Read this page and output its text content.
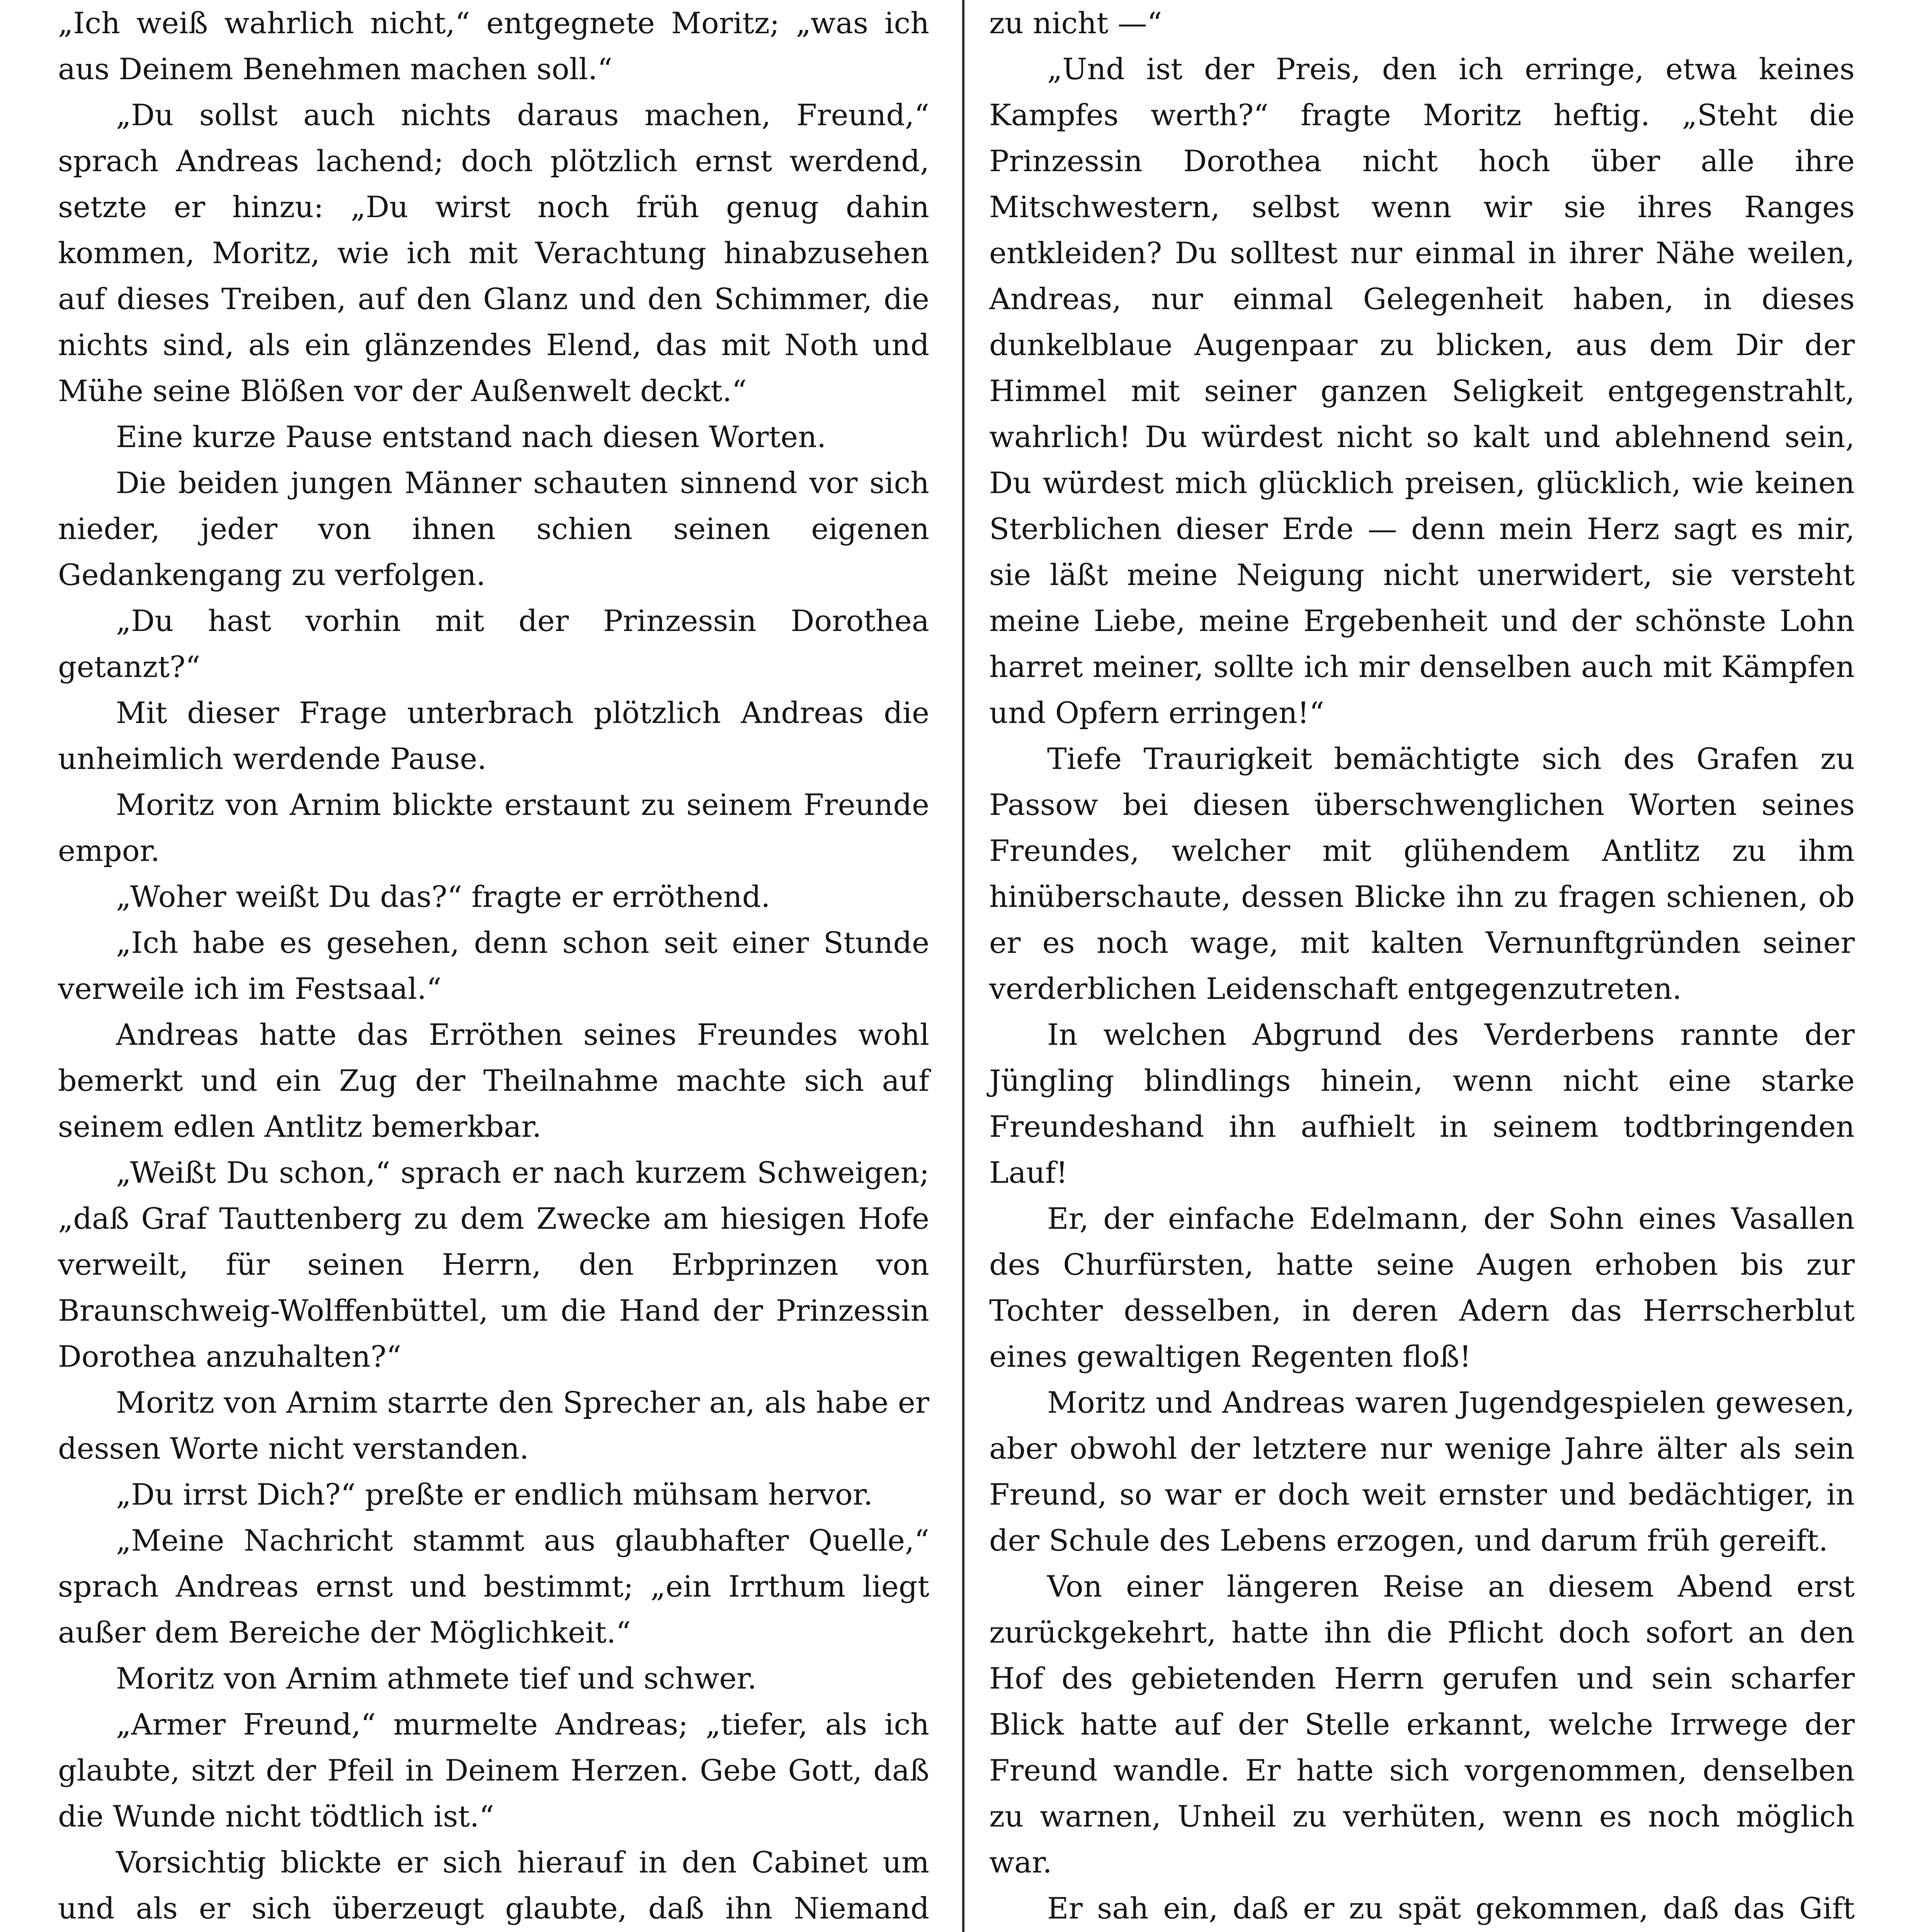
„Ich weiß wahrlich nicht,“ entgegnete Moritz; „was ich aus Deinem Benehmen machen soll.“

„Du sollst auch nichts daraus machen, Freund,“ sprach Andreas lachend; doch plötzlich ernst werdend, setzte er hinzu: „Du wirst noch früh genug dahin kommen, Moritz, wie ich mit Verachtung hinabzusehen auf dieses Treiben, auf den Glanz und den Schimmer, die nichts sind, als ein glänzendes Elend, das mit Noth und Mühe seine Blößen vor der Außenwelt deckt.“

Eine kurze Pause entstand nach diesen Worten.

Die beiden jungen Männer schauten sinnend vor sich nieder, jeder von ihnen schien seinen eigenen Gedankengang zu verfolgen.

„Du hast vorhin mit der Prinzessin Dorothea getanzt?“

Mit dieser Frage unterbrach plötzlich Andreas die unheimlich werdende Pause.

Moritz von Arnim blickte erstaunt zu seinem Freunde empor.

„Woher weißt Du das?“ fragte er erröthend.

„Ich habe es gesehen, denn schon seit einer Stunde verweile ich im Festsaal.“

Andreas hatte das Erröthen seines Freundes wohl bemerkt und ein Zug der Theilnahme machte sich auf seinem edlen Antlitz bemerkbar.

„Weißt Du schon,“ sprach er nach kurzem Schweigen; „daß Graf Tauttenberg zu dem Zwecke am hiesigen Hofe verweilt, für seinen Herrn, den Erbprinzen von Braunschweig-Wolffenbüttel, um die Hand der Prinzessin Dorothea anzuhalten?“

Moritz von Arnim starrte den Sprecher an, als habe er dessen Worte nicht verstanden.

„Du irrst Dich?“ preßte er endlich mühsam hervor.

„Meine Nachricht stammt aus glaubhafter Quelle,“ sprach Andreas ernst und bestimmt; „ein Irrthum liegt außer dem Bereiche der Möglichkeit.“

Moritz von Arnim athmete tief und schwer.

„Armer Freund,“ murmelte Andreas; „tiefer, als ich glaubte, sitzt der Pfeil in Deinem Herzen. Gebe Gott, daß die Wunde nicht tödtlich ist.“

Vorsichtig blickte er sich hierauf in den Cabinet um und als er sich überzeugt glaubte, daß ihn Niemand

zu nicht —“

„Und ist der Preis, den ich erringe, etwa keines Kampfes werth?“ fragte Moritz heftig. „Steht die Prinzessin Dorothea nicht hoch über alle ihre Mitschwestern, selbst wenn wir sie ihres Ranges entkleiden? Du solltest nur einmal in ihrer Nähe weilen, Andreas, nur einmal Gelegenheit haben, in dieses dunkelblaue Augenpaar zu blicken, aus dem Dir der Himmel mit seiner ganzen Seligkeit entgegenstrahlt, wahrlich! Du würdest nicht so kalt und ablehnend sein, Du würdest mich glücklich preisen, glücklich, wie keinen Sterblichen dieser Erde — denn mein Herz sagt es mir, sie läßt meine Neigung nicht unerwidert, sie versteht meine Liebe, meine Ergebenheit und der schönste Lohn harret meiner, sollte ich mir denselben auch mit Kämpfen und Opfern erringen!“

Tiefe Traurigkeit bemächtigte sich des Grafen zu Passow bei diesen überschwenglichen Worten seines Freundes, welcher mit glühendem Antlitz zu ihm hinüberschaute, dessen Blicke ihn zu fragen schienen, ob er es noch wage, mit kalten Vernunftgründen seiner verderblichen Leidenschaft entgegenzutreten.

In welchen Abgrund des Verderbens rannte der Jüngling blindlings hinein, wenn nicht eine starke Freundeshand ihn aufhielt in seinem todtbringenden Lauf!

Er, der einfache Edelmann, der Sohn eines Vasallen des Churfürsten, hatte seine Augen erhoben bis zur Tochter desselben, in deren Adern das Herrscherblut eines gewaltigen Regenten floß!

Moritz und Andreas waren Jugendgespielen gewesen, aber obwohl der letztere nur wenige Jahre älter als sein Freund, so war er doch weit ernster und bedächtiger, in der Schule des Lebens erzogen, und darum früh gereift.

Von einer längeren Reise an diesem Abend erst zurückgekehrt, hatte ihn die Pflicht doch sofort an den Hof des gebietenden Herrn gerufen und sein scharfer Blick hatte auf der Stelle erkannt, welche Irrwege der Freund wandle. Er hatte sich vorgenommen, denselben zu warnen, Unheil zu verhüten, wenn es noch möglich war.

Er sah ein, daß er zu spät gekommen, daß das Gift
